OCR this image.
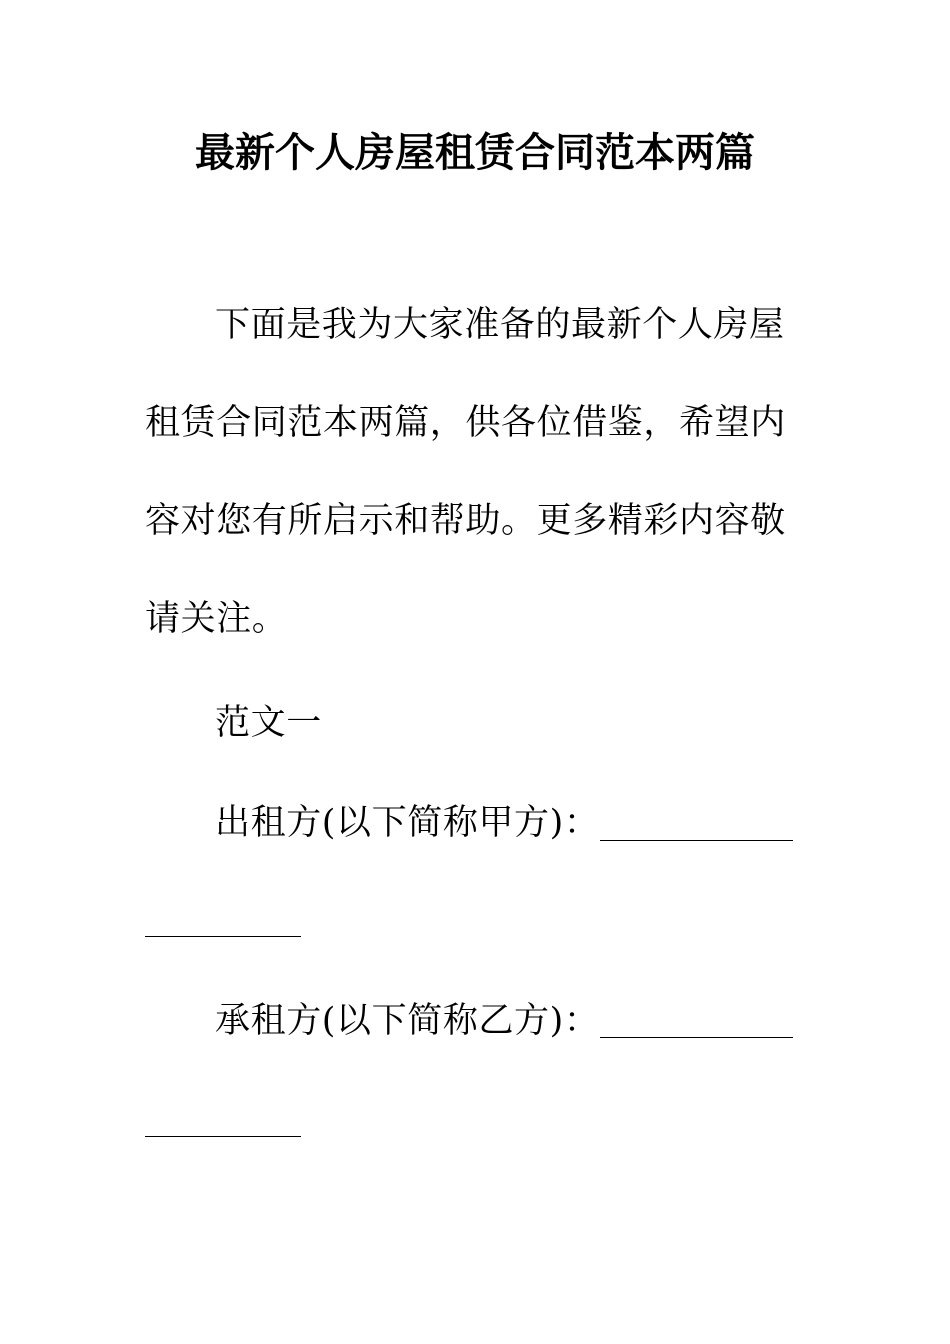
最新个人房屋租赁合同范本两篇
下面是我为大家准备的最新个人房屋租赁合同范本两篇，供各位借鉴，希望内容对您有所启示和帮助。更多精彩内容敬请关注。
范文一
出租方(以下简称甲方)：
承租方(以下简称乙方)：
